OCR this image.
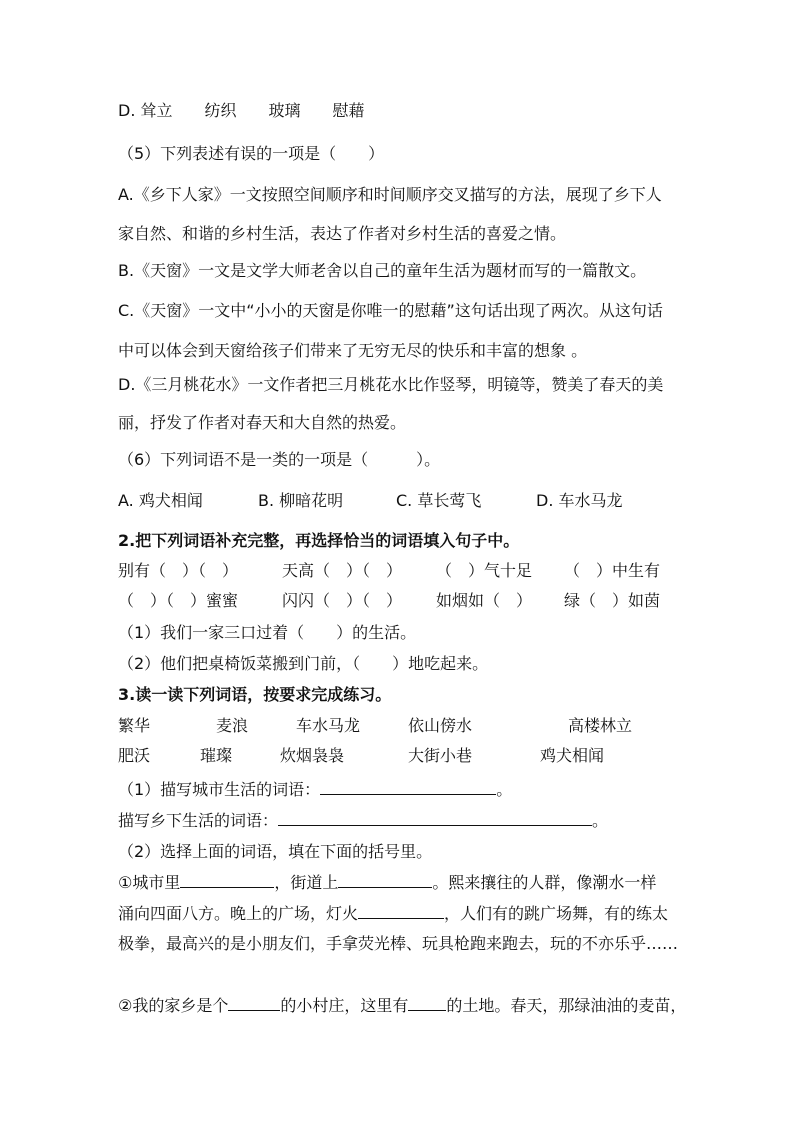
D. 耸立　　纺织　　玻璃　　慰藉
（5）下列表述有误的一项是（　　）
A.《乡下人家》一文按照空间顺序和时间顺序交叉描写的方法，展现了乡下人
家自然、和谐的乡村生活，表达了作者对乡村生活的喜爱之情。
B.《天窗》一文是文学大师老舍以自己的童年生活为题材而写的一篇散文。
C.《天窗》一文中“小小的天窗是你唯一的慰藉”这句话出现了两次。从这句话
中可以体会到天窗给孩子们带来了无穷无尽的快乐和丰富的想象 。
D.《三月桃花水》一文作者把三月桃花水比作竖琴，明镜等，赞美了春天的美
丽，抒发了作者对春天和大自然的热爱。
（6）下列词语不是一类的一项是（　　　）。
A. 鸡犬相闻	B. 柳暗花明	C. 草长莺飞	D. 车水马龙
2.把下列词语补充完整，再选择恰当的词语填入句子中。
别有（　）（　）	天高（　）（　） （　）气十足 （　）中生有
（　）（　）蜜蜜	闪闪（　）（　） 如烟如（　） 绿（　）如茵
（1）我们一家三口过着（　　）的生活。
（2）他们把桌椅饭菜搬到门前，（　　）地吃起来。
3.读一读下列词语，按要求完成练习。
繁华	麦浪	车水马龙	依山傍水	高楼林立
肥沃	璀璨	炊烟袅袅	大街小巷	鸡犬相闻
（1）描写城市生活的词语：	。
描写乡下生活的词语：	。
（2）选择上面的词语，填在下面的括号里。
①城市里	，街道上	。熙来攘往的人群，像潮水一样
涌向四面八方。晚上的广场，灯火	，人们有的跳广场舞，有的练太
极拳，最高兴的是小朋友们，手拿荧光棒、玩具枪跑来跑去，玩的不亦乐乎……
②我的家乡是个	的小村庄，这里有 的土地。春天，那绿油油的麦苗，
